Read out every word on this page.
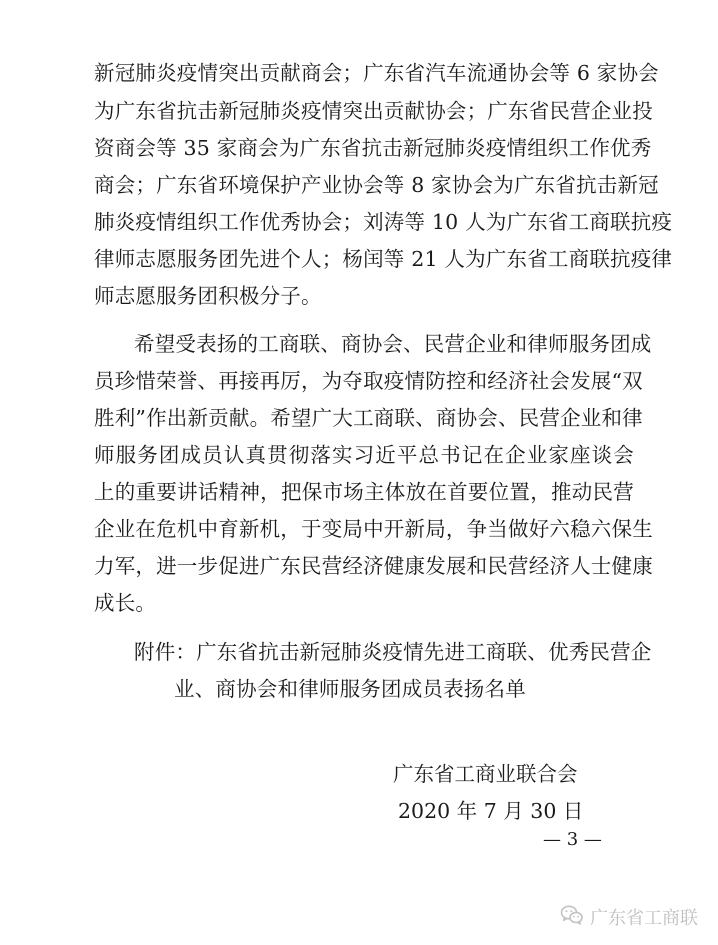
新冠肺炎疫情突出贡献商会；广东省汽车流通协会等 6 家协会
为广东省抗击新冠肺炎疫情突出贡献协会；广东省民营企业投
资商会等 35 家商会为广东省抗击新冠肺炎疫情组织工作优秀
商会；广东省环境保护产业协会等 8 家协会为广东省抗击新冠
肺炎疫情组织工作优秀协会；刘涛等 10 人为广东省工商联抗疫
律师志愿服务团先进个人；杨闰等 21 人为广东省工商联抗疫律
师志愿服务团积极分子。
希望受表扬的工商联、商协会、民营企业和律师服务团成
员珍惜荣誉、再接再厉，为夺取疫情防控和经济社会发展“双
胜利”作出新贡献。希望广大工商联、商协会、民营企业和律
师服务团成员认真贯彻落实习近平总书记在企业家座谈会
上的重要讲话精神，把保市场主体放在首要位置，推动民营
企业在危机中育新机，于变局中开新局，争当做好六稳六保生
力军，进一步促进广东民营经济健康发展和民营经济人士健康
成长。
附件：广东省抗击新冠肺炎疫情先进工商联、优秀民营企
业、商协会和律师服务团成员表扬名单
广东省工商业联合会
2020 年 7 月 30 日
— 3 —
广东省工商联
